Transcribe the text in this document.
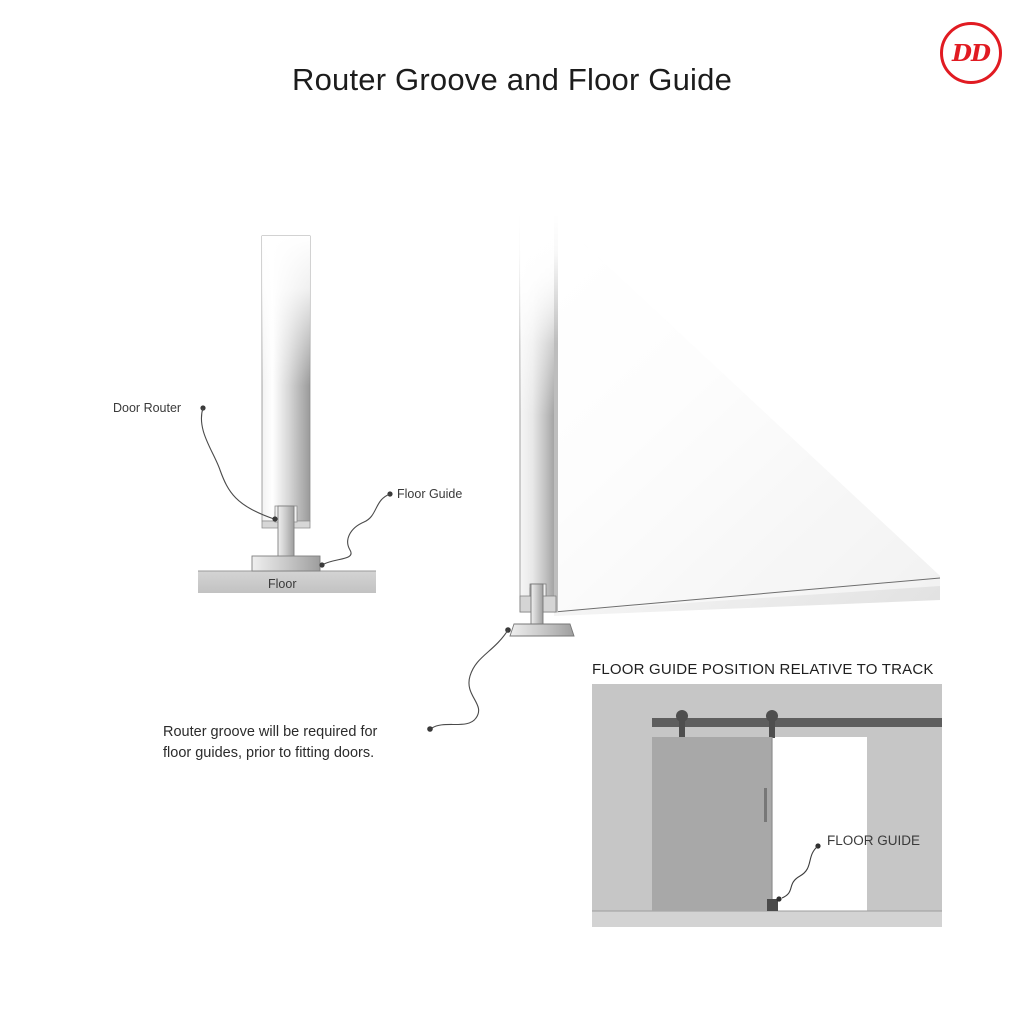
Router Groove and Floor Guide
DD
Door Router
Floor Guide
Floor
Router groove will be required for
floor guides, prior to fitting doors.
FLOOR GUIDE POSITION RELATIVE TO TRACK
FLOOR GUIDE
